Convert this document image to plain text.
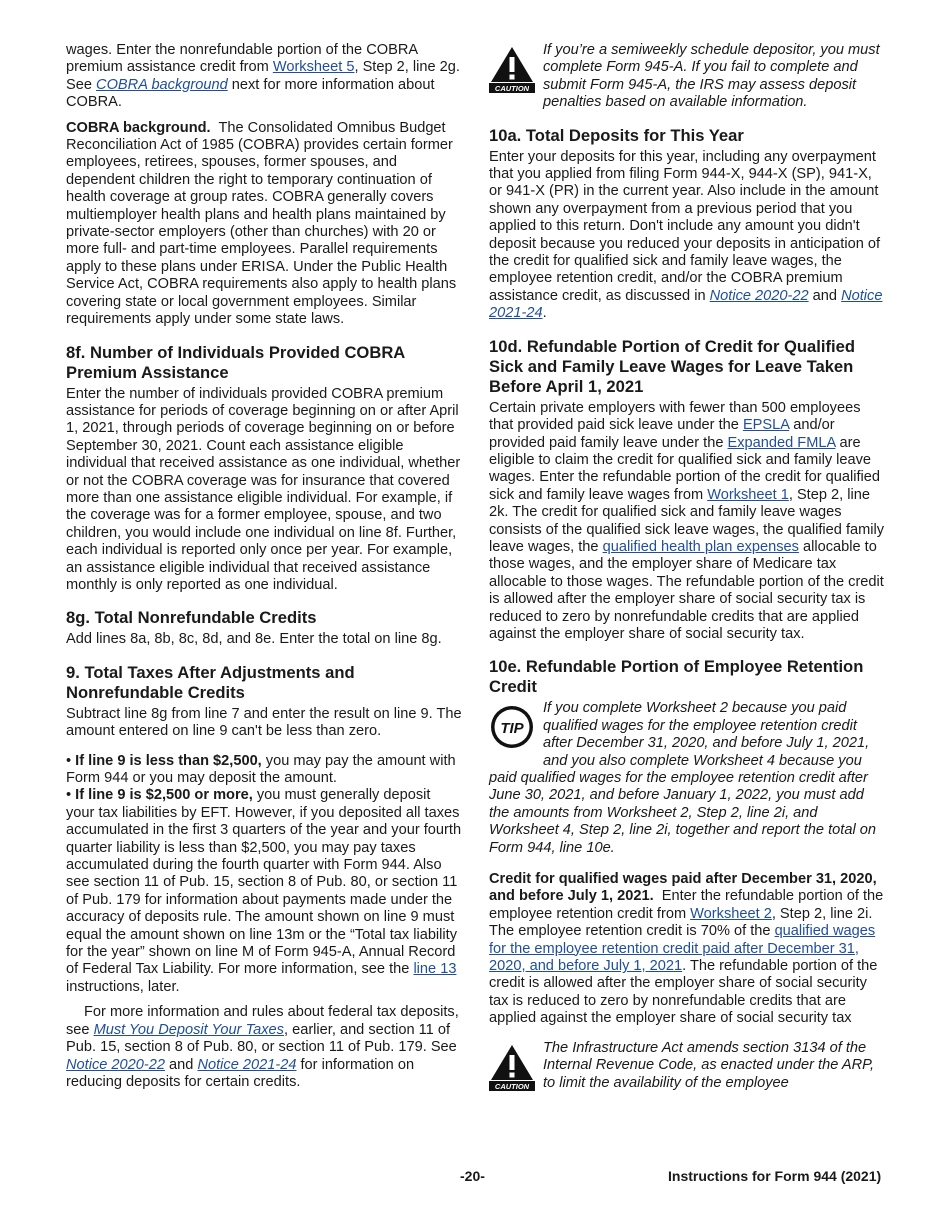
wages. Enter the nonrefundable portion of the COBRA premium assistance credit from Worksheet 5, Step 2, line 2g. See COBRA background next for more information about COBRA.

COBRA background. The Consolidated Omnibus Budget Reconciliation Act of 1985 (COBRA) provides certain former employees, retirees, spouses, former spouses, and dependent children the right to temporary continuation of health coverage at group rates. COBRA generally covers multiemployer health plans and health plans maintained by private-sector employers (other than churches) with 20 or more full- and part-time employees. Parallel requirements apply to these plans under ERISA. Under the Public Health Service Act, COBRA requirements also apply to health plans covering state or local government employees. Similar requirements apply under some state laws.

8f. Number of Individuals Provided COBRA Premium Assistance

Enter the number of individuals provided COBRA premium assistance for periods of coverage beginning on or after April 1, 2021, through periods of coverage beginning on or before September 30, 2021. Count each assistance eligible individual that received assistance as one individual, whether or not the COBRA coverage was for insurance that covered more than one assistance eligible individual. For example, if the coverage was for a former employee, spouse, and two children, you would include one individual on line 8f. Further, each individual is reported only once per year. For example, an assistance eligible individual that received assistance monthly is only reported as one individual.

8g. Total Nonrefundable Credits

Add lines 8a, 8b, 8c, 8d, and 8e. Enter the total on line 8g.

9. Total Taxes After Adjustments and Nonrefundable Credits

Subtract line 8g from line 7 and enter the result on line 9. The amount entered on line 9 can't be less than zero.

• If line 9 is less than $2,500, you may pay the amount with Form 944 or you may deposit the amount.

• If line 9 is $2,500 or more, you must generally deposit your tax liabilities by EFT. However, if you deposited all taxes accumulated in the first 3 quarters of the year and your fourth quarter liability is less than $2,500, you may pay taxes accumulated during the fourth quarter with Form 944. Also see section 11 of Pub. 15, section 8 of Pub. 80, or section 11 of Pub. 179 for information about payments made under the accuracy of deposits rule. The amount shown on line 9 must equal the amount shown on line 13m or the “Total tax liability for the year” shown on line M of Form 945-A, Annual Record of Federal Tax Liability. For more information, see the line 13 instructions, later.

For more information and rules about federal tax deposits, see Must You Deposit Your Taxes, earlier, and section 11 of Pub. 15, section 8 of Pub. 80, or section 11 of Pub. 179. See Notice 2020-22 and Notice 2021-24 for information on reducing deposits for certain credits.

CAUTION
If you’re a semiweekly schedule depositor, you must complete Form 945-A. If you fail to complete and submit Form 945-A, the IRS may assess deposit penalties based on available information.
10a. Total Deposits for This Year

Enter your deposits for this year, including any overpayment that you applied from filing Form 944-X, 944-X (SP), 941-X, or 941-X (PR) in the current year. Also include in the amount shown any overpayment from a previous period that you applied to this return. Don't include any amount you didn't deposit because you reduced your deposits in anticipation of the credit for qualified sick and family leave wages, the employee retention credit, and/or the COBRA premium assistance credit, as discussed in Notice 2020-22 and Notice 2021-24.

10d. Refundable Portion of Credit for Qualified Sick and Family Leave Wages for Leave Taken Before April 1, 2021

Certain private employers with fewer than 500 employees that provided paid sick leave under the EPSLA and/or provided paid family leave under the Expanded FMLA are eligible to claim the credit for qualified sick and family leave wages. Enter the refundable portion of the credit for qualified sick and family leave wages from Worksheet 1, Step 2, line 2k. The credit for qualified sick and family leave wages consists of the qualified sick leave wages, the qualified family leave wages, the qualified health plan expenses allocable to those wages, and the employer share of Medicare tax allocable to those wages. The refundable portion of the credit is allowed after the employer share of social security tax is reduced to zero by nonrefundable credits that are applied against the employer share of social security tax.

10e. Refundable Portion of Employee Retention Credit
TIP
If you complete Worksheet 2 because you paid qualified wages for the employee retention credit after December 31, 2020, and before July 1, 2021, and you also complete Worksheet 4 because you paid qualified wages for the employee retention credit after June 30, 2021, and before January 1, 2022, you must add the amounts from Worksheet 2, Step 2, line 2i, and Worksheet 4, Step 2, line 2i, together and report the total on Form 944, line 10e.

Credit for qualified wages paid after December 31, 2020, and before July 1, 2021. Enter the refundable portion of the employee retention credit from Worksheet 2, Step 2, line 2i. The employee retention credit is 70% of the qualified wages for the employee retention credit paid after December 31, 2020, and before July 1, 2021. The refundable portion of the credit is allowed after the employer share of social security tax is reduced to zero by nonrefundable credits that are applied against the employer share of social security tax

CAUTION
The Infrastructure Act amends section 3134 of the Internal Revenue Code, as enacted under the ARP, to limit the availability of the employee
-20-	Instructions for Form 944 (2021)
